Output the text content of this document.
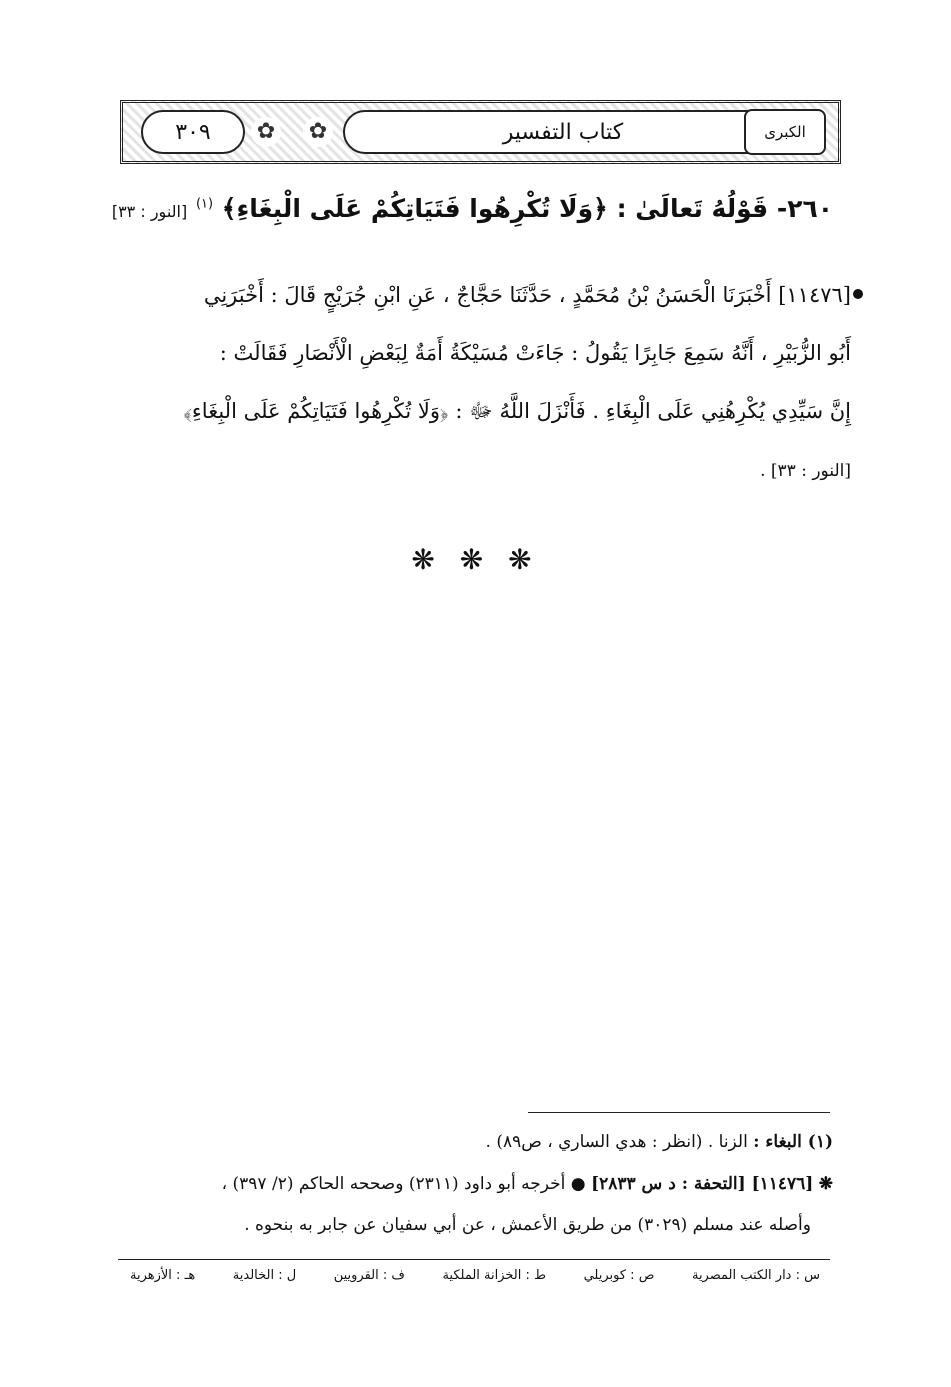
✿ ✿
٣٠٩	كتاب التفسير	الكبرى
٢٦٠- قَوْلُهُ تَعالَىٰ : ﴿وَلَا تُكْرِهُوا فَتَيَاتِكُمْ عَلَى الْبِغَاءِ﴾ $^{(١)}$ [النور : ٣٣]
[١١٤٧٦] أَخْبَرَنَا الْحَسَنُ بْنُ مُحَمَّدٍ ، حَدَّثَنَا حَجَّاجٌ ، عَنِ ابْنِ جُرَيْجٍ قَالَ : أَخْبَرَنِي
أَبُو الزُّبَيْرِ ، أَنَّهُ سَمِعَ جَابِرًا يَقُولُ : جَاءَتْ مُسَيْكَةُ أَمَةٌ لِبَعْضِ الْأَنْصَارِ فَقَالَتْ :
إِنَّ سَيِّدِي يُكْرِهُنِي عَلَى الْبِغَاءِ . فَأَنْزَلَ اللَّهُ ﷻ : ﴿وَلَا تُكْرِهُوا فَتَيَاتِكُمْ عَلَى الْبِغَاءِ﴾
[النور : ٣٣] .
❋ ❋ ❋
(١) البغاء : الزنا . (انظر : هدي الساري ، ص٨٩) .
❋ [١١٤٧٦] [التحفة : د س ٢٨٣٣] ● أخرجه أبو داود (٢٣١١) وصححه الحاكم (٢/ ٣٩٧) ،
وأصله عند مسلم (٣٠٢٩) من طريق الأعمش ، عن أبي سفيان عن جابر به بنحوه .
هـ : الأزهرية	ل : الخالدية	ف : القرويين	ط : الخزانة الملكية	ص : كوبريلي	س : دار الكتب المصرية
